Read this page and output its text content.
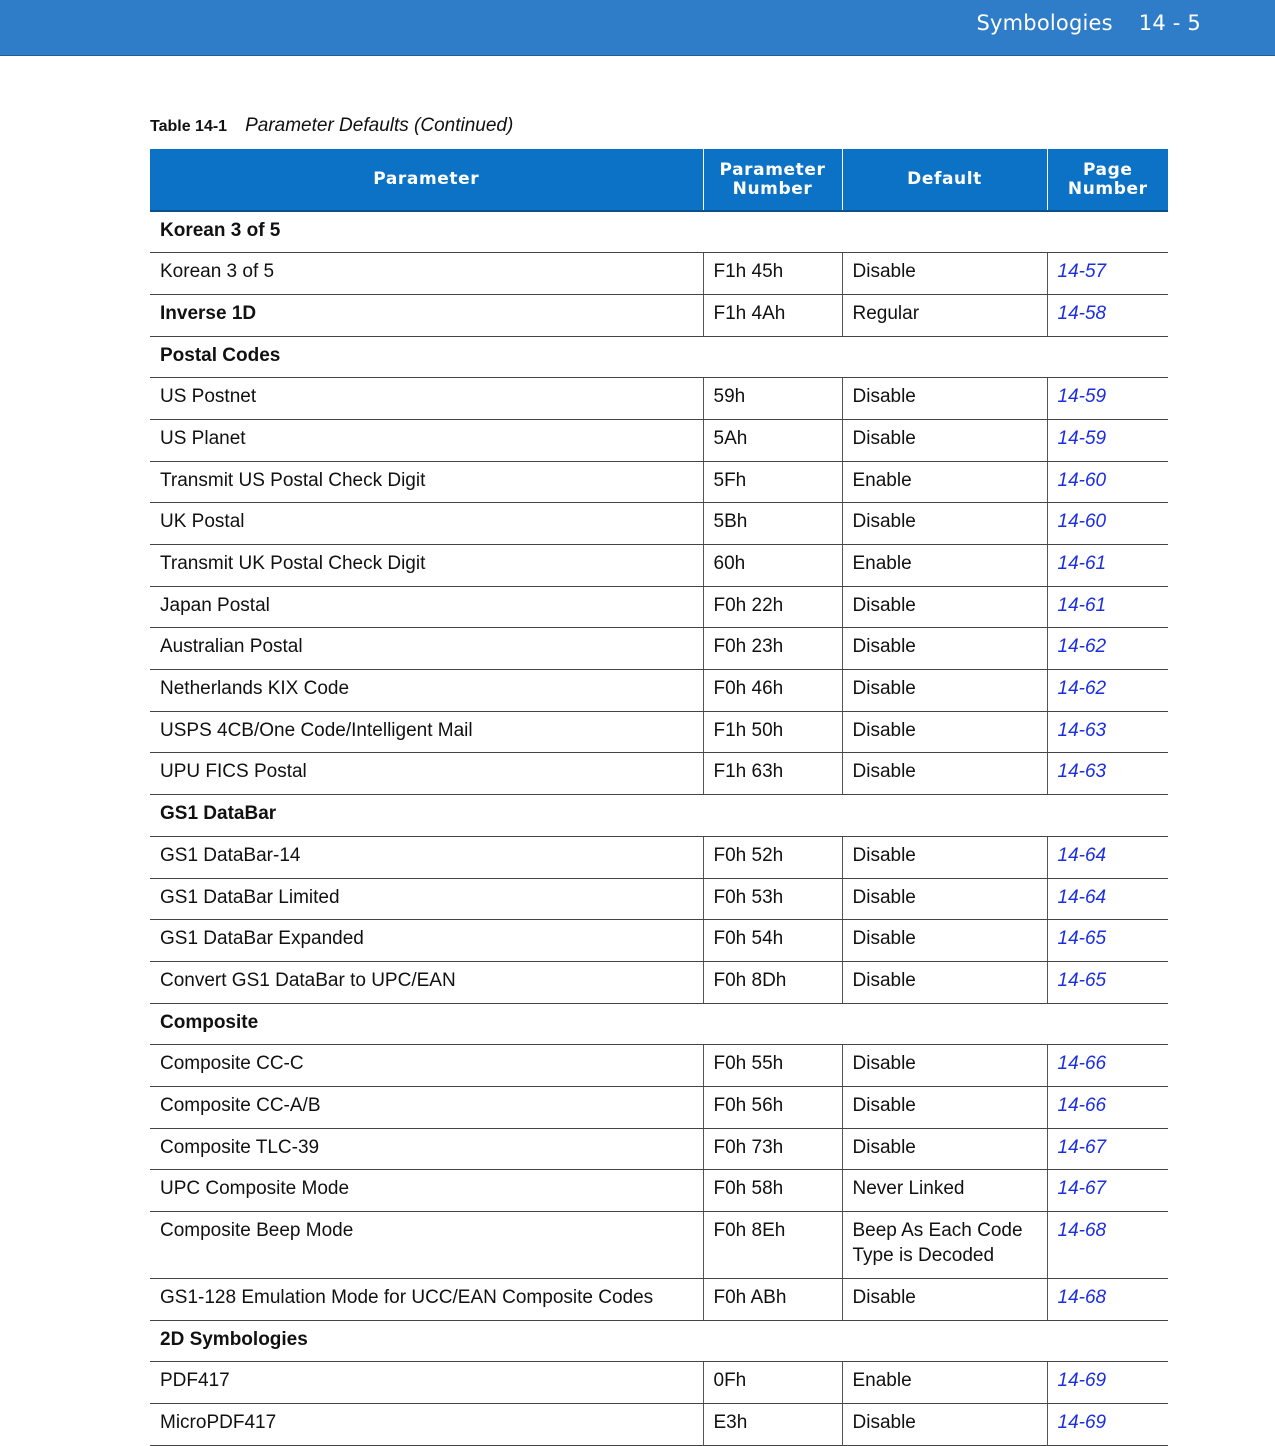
Symbologies 14 - 5
Table 14-1 Parameter Defaults (Continued)
Parameter	Parameter Number	Default	Page Number
Korean 3 of 5			
Korean 3 of 5	F1h 45h	Disable	14-57
Inverse 1D	F1h 4Ah	Regular	14-58
Postal Codes			
US Postnet	59h	Disable	14-59
US Planet	5Ah	Disable	14-59
Transmit US Postal Check Digit	5Fh	Enable	14-60
UK Postal	5Bh	Disable	14-60
Transmit UK Postal Check Digit	60h	Enable	14-61
Japan Postal	F0h 22h	Disable	14-61
Australian Postal	F0h 23h	Disable	14-62
Netherlands KIX Code	F0h 46h	Disable	14-62
USPS 4CB/One Code/Intelligent Mail	F1h 50h	Disable	14-63
UPU FICS Postal	F1h 63h	Disable	14-63
GS1 DataBar			
GS1 DataBar-14	F0h 52h	Disable	14-64
GS1 DataBar Limited	F0h 53h	Disable	14-64
GS1 DataBar Expanded	F0h 54h	Disable	14-65
Convert GS1 DataBar to UPC/EAN	F0h 8Dh	Disable	14-65
Composite			
Composite CC-C	F0h 55h	Disable	14-66
Composite CC-A/B	F0h 56h	Disable	14-66
Composite TLC-39	F0h 73h	Disable	14-67
UPC Composite Mode	F0h 58h	Never Linked	14-67
Composite Beep Mode	F0h 8Eh	Beep As Each Code Type is Decoded	14-68
GS1-128 Emulation Mode for UCC/EAN Composite Codes	F0h ABh	Disable	14-68
2D Symbologies			
PDF417	0Fh	Enable	14-69
MicroPDF417	E3h	Disable	14-69
